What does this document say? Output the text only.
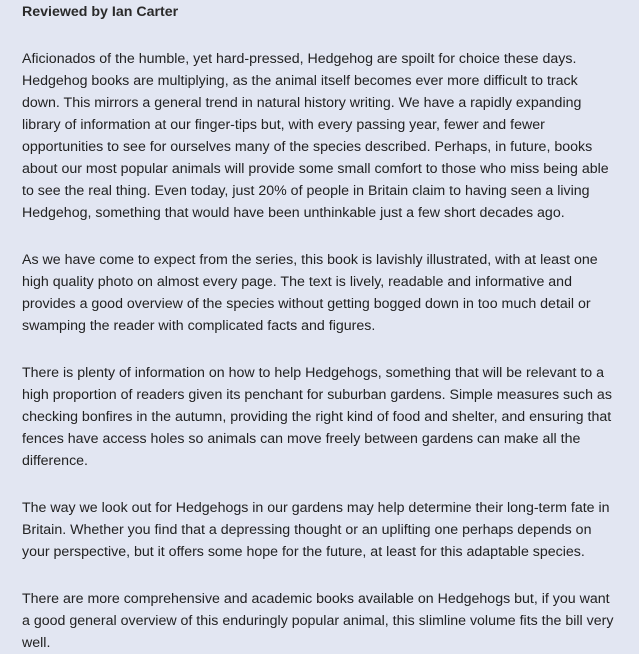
Reviewed by Ian Carter

Aficionados of the humble, yet hard-pressed, Hedgehog are spoilt for choice these days. Hedgehog books are multiplying, as the animal itself becomes ever more difficult to track down. This mirrors a general trend in natural history writing. We have a rapidly expanding library of information at our finger-tips but, with every passing year, fewer and fewer opportunities to see for ourselves many of the species described. Perhaps, in future, books about our most popular animals will provide some small comfort to those who miss being able to see the real thing. Even today, just 20% of people in Britain claim to having seen a living Hedgehog, something that would have been unthinkable just a few short decades ago.

As we have come to expect from the series, this book is lavishly illustrated, with at least one high quality photo on almost every page. The text is lively, readable and informative and provides a good overview of the species without getting bogged down in too much detail or swamping the reader with complicated facts and figures.

There is plenty of information on how to help Hedgehogs, something that will be relevant to a high proportion of readers given its penchant for suburban gardens. Simple measures such as checking bonfires in the autumn, providing the right kind of food and shelter, and ensuring that fences have access holes so animals can move freely between gardens can make all the difference.

The way we look out for Hedgehogs in our gardens may help determine their long-term fate in Britain. Whether you find that a depressing thought or an uplifting one perhaps depends on your perspective, but it offers some hope for the future, at least for this adaptable species.

There are more comprehensive and academic books available on Hedgehogs but, if you want a good general overview of this enduringly popular animal, this slimline volume fits the bill very well.
